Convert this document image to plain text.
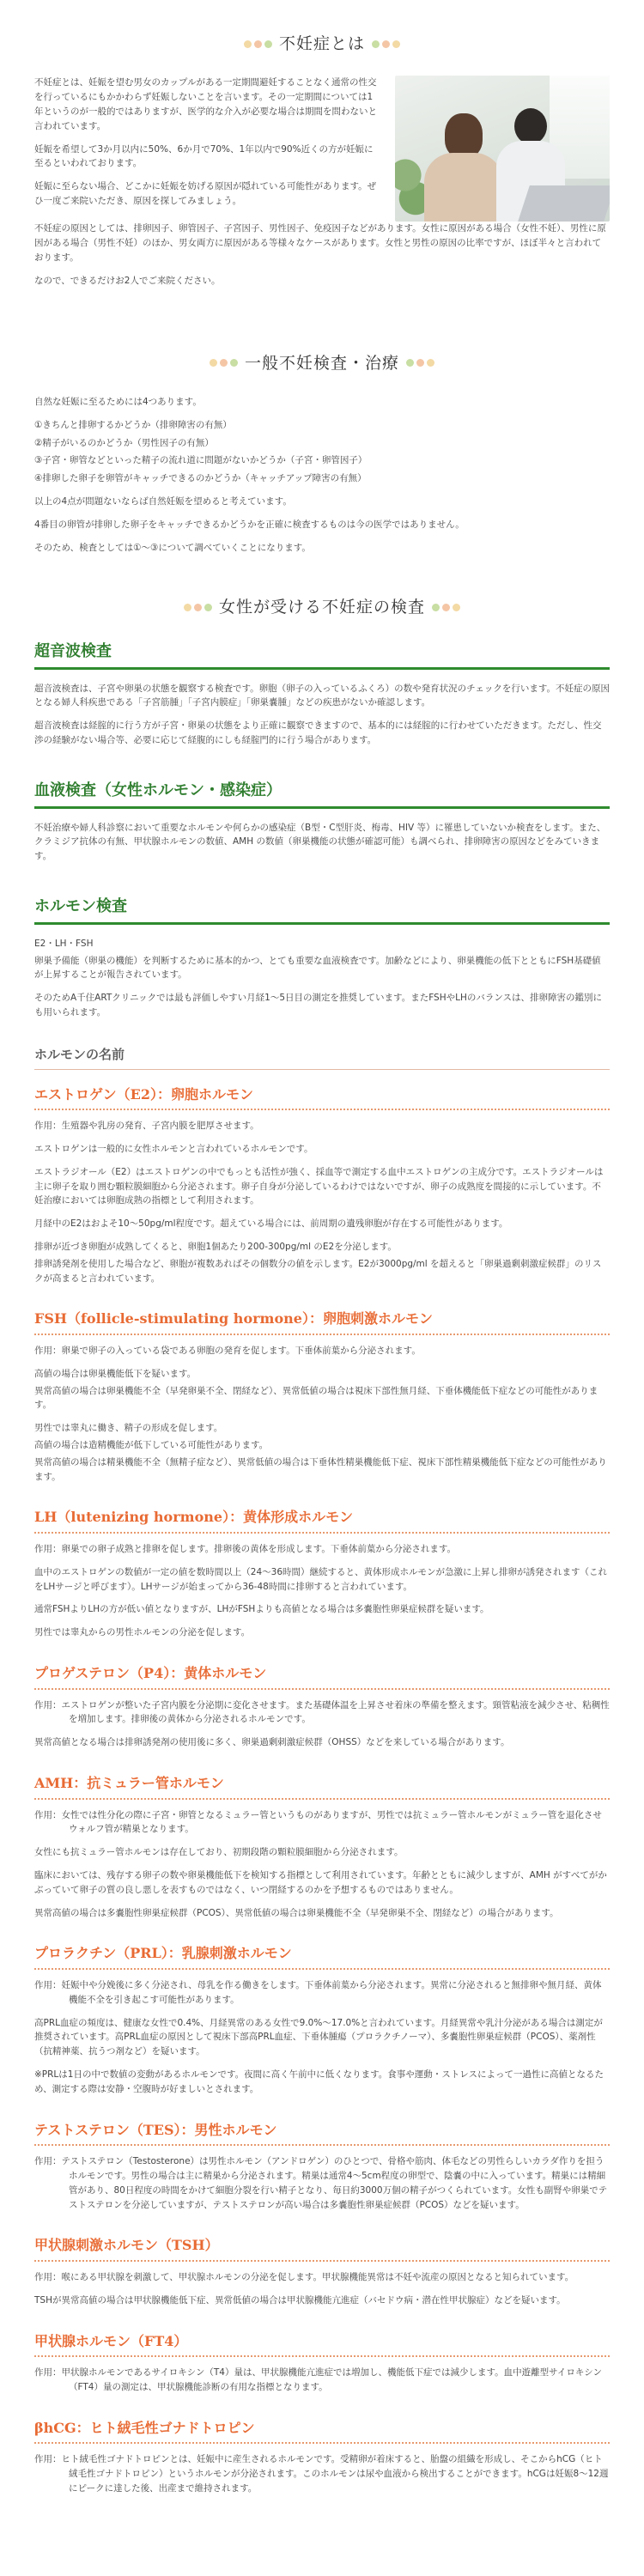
不妊症とは

不妊症とは、妊娠を望む男女のカップルがある一定期間避妊することなく通常の性交を行っているにもかかわらず妊娠しないことを言います。その一定期間については1年というのが一般的ではありますが、医学的な介入が必要な場合は期間を問わないと言われています。

妊娠を希望して3か月以内に50%、6か月で70%、1年以内で90%近くの方が妊娠に至るといわれております。

妊娠に至らない場合、どこかに妊娠を妨げる原因が隠れている可能性があります。ぜひ一度ご来院いただき、原因を探してみましょう。

不妊症の原因としては、排卵因子、卵管因子、子宮因子、男性因子、免疫因子などがあります。女性に原因がある場合（女性不妊）、男性に原因がある場合（男性不妊）のほか、男女両方に原因がある等様々なケースがあります。女性と男性の原因の比率ですが、ほぼ半々と言われております。

なので、できるだけお2人でご来院ください。

一般不妊検査・治療

自然な妊娠に至るためには4つあります。

①きちんと排卵するかどうか（排卵障害の有無）

②精子がいるのかどうか（男性因子の有無）

③子宮・卵管などといった精子の流れ道に問題がないかどうか（子宮・卵管因子）

④排卵した卵子を卵管がキャッチできるのかどうか（キャッチアップ障害の有無）

以上の4点が問題ないならば自然妊娠を望めると考えています。

4番目の卵管が排卵した卵子をキャッチできるかどうかを正確に検査するものは今の医学ではありません。

そのため、検査としては①～③について調べていくことになります。

女性が受ける不妊症の検査
超音波検査

超音波検査は、子宮や卵巣の状態を観察する検査です。卵胞（卵子の入っているふくろ）の数や発育状況のチェックを行います。不妊症の原因となる婦人科疾患である「子宮筋腫」「子宮内膜症」「卵巣嚢腫」などの疾患がないか確認します。

超音波検査は経腟的に行う方が子宮・卵巣の状態をより正確に観察できますので、基本的には経腟的に行わせていただきます。ただし、性交渉の経験がない場合等、必要に応じて経腹的にしも経腟門的に行う場合があります。

血液検査（女性ホルモン・感染症）

不妊治療や婦人科診察において重要なホルモンや何らかの感染症（B型・C型肝炎、梅毒、HIV 等）に罹患していないか検査をします。また、クラミジア抗体の有無、甲状腺ホルモンの数値、AMH の数値（卵巣機能の状態が確認可能）も調べられ、排卵障害の原因などをみていきます。

ホルモン検査

E2・LH・FSH

卵巣予備能（卵巣の機能）を判断するために基本的かつ、とても重要な血液検査です。加齢などにより、卵巣機能の低下とともにFSH基礎値が上昇することが報告されています。

そのためA千住ARTクリニックでは最も評価しやすい月経1～5日目の測定を推奨しています。またFSHやLHのバランスは、排卵障害の鑑別にも用いられます。

ホルモンの名前
エストロゲン（E2）：卵胞ホルモン

作用：生殖器や乳房の発育、子宮内膜を肥厚させます。

エストロゲンは一般的に女性ホルモンと言われているホルモンです。

エストラジオール（E2）はエストロゲンの中でもっとも活性が強く、採血等で測定する血中エストロゲンの主成分です。エストラジオールは主に卵子を取り囲む顆粒膜細胞から分泌されます。卵子自身が分泌しているわけではないですが、卵子の成熟度を間接的に示しています。不妊治療においては卵胞成熟の指標として利用されます。

月経中のE2はおよそ10～50pg/ml程度です。超えている場合には、前周期の遺残卵胞が存在する可能性があります。

排卵が近づき卵胞が成熟してくると、卵胞1個あたり200-300pg/ml のE2を分泌します。

排卵誘発剤を使用した場合など、卵胞が複数あればその個数分の値を示します。E2が3000pg/ml を超えると「卵巣過剰刺激症候群」のリスクが高まると言われています。

FSH（follicle-stimulating hormone）：卵胞刺激ホルモン

作用：卵巣で卵子の入っている袋である卵胞の発育を促します。下垂体前葉から分泌されます。

高値の場合は卵巣機能低下を疑います。

異常高値の場合は卵巣機能不全（早発卵巣不全、閉経など）、異常低値の場合は視床下部性無月経、下垂体機能低下症などの可能性があります。

男性では睾丸に働き、精子の形成を促します。

高値の場合は造精機能が低下している可能性があります。

異常高値の場合は精巣機能不全（無精子症など）、異常低値の場合は下垂体性精巣機能低下症、視床下部性精巣機能低下症などの可能性があります。

LH（lutenizing hormone）：黄体形成ホルモン

作用：卵巣での卵子成熟と排卵を促します。排卵後の黄体を形成します。下垂体前葉から分泌されます。

血中のエストロゲンの数値が一定の値を数時間以上（24～36時間）継続すると、黄体形成ホルモンが急激に上昇し排卵が誘発されます（これをLHサージと呼びます）。LHサージが始まってから36-48時間に排卵すると言われています。

通常FSHよりLHの方が低い値となりますが、LHがFSHよりも高値となる場合は多嚢胞性卵巣症候群を疑います。

男性では睾丸からの男性ホルモンの分泌を促します。

プロゲステロン（P4）：黄体ホルモン

作用：エストロゲンが整いた子宮内膜を分泌期に変化させます。また基礎体温を上昇させ着床の準備を整えます。頸管粘液を減少させ、粘稠性を増加します。排卵後の黄体から分泌されるホルモンです。

異常高値となる場合は排卵誘発剤の使用後に多く、卵巣過剰刺激症候群（OHSS）などを来している場合があります。

AMH：抗ミュラー管ホルモン

作用：女性では性分化の際に子宮・卵管となるミュラー管というものがありますが、男性では抗ミュラー管ホルモンがミュラー管を退化させウォルフ管が精巣となります。

女性にも抗ミュラー管ホルモンは存在しており、初期段階の顆粒膜細胞から分泌されます。

臨床においては、残存する卵子の数や卵巣機能低下を検知する指標として利用されています。年齢とともに減少しますが、AMH がすべてがかぶっていて卵子の質の良し悪しを表すものではなく、いつ閉経するのかを予想するものではありません。

異常高値の場合は多嚢胞性卵巣症候群（PCOS）、異常低値の場合は卵巣機能不全（早発卵巣不全、閉経など）の場合があります。

プロラクチン（PRL）：乳腺刺激ホルモン

作用：妊娠中や分娩後に多く分泌され、母乳を作る働きをします。下垂体前葉から分泌されます。異常に分泌されると無排卵や無月経、黄体機能不全を引き起こす可能性があります。

高PRL血症の頻度は、健康な女性で0.4%、月経異常のある女性で9.0%～17.0%と言われています。月経異常や乳汁分泌がある場合は測定が推奨されています。高PRL血症の原因として視床下部高PRL血症、下垂体腫瘍（プロラクチノーマ）、多嚢胞性卵巣症候群（PCOS）、薬剤性（抗精神薬、抗うつ剤など）を疑います。

※PRLは1日の中で数値の変動があるホルモンです。夜間に高く午前中に低くなります。食事や運動・ストレスによって一過性に高値となるため、測定する際は安静・空腹時が好ましいとされます。

テストステロン（TES）：男性ホルモン

作用：テストステロン（Testosterone）は男性ホルモン（アンドロゲン）のひとつで、骨格や筋肉、体毛などの男性らしいカラダ作りを担うホルモンです。男性の場合は主に精巣から分泌されます。精巣は通常4～5cm程度の卵型で、陰嚢の中に入っています。精巣には精細管があり、80日程度の時間をかけて細胞分裂を行い精子となり、毎日約3000万個の精子がつくられています。女性も副腎や卵巣でテストステロンを分泌していますが、テストステロンが高い場合は多嚢胞性卵巣症候群（PCOS）などを疑います。

甲状腺刺激ホルモン（TSH）

作用：喉にある甲状腺を刺激して、甲状腺ホルモンの分泌を促します。甲状腺機能異常は不妊や流産の原因となると知られています。

TSHが異常高値の場合は甲状腺機能低下症、異常低値の場合は甲状腺機能亢進症（バセドウ病・潜在性甲状腺症）などを疑います。

甲状腺ホルモン（FT4）

作用：甲状腺ホルモンであるサイロキシン（T4）量は、甲状腺機能亢進症では増加し、機能低下症では減少します。血中遊離型サイロキシン（FT4）量の測定は、甲状腺機能診断の有用な指標となります。

βhCG：ヒト絨毛性ゴナドトロピン

作用：ヒト絨毛性ゴナドトロピンとは、妊娠中に産生されるホルモンです。受精卵が着床すると、胎盤の組織を形成し、そこからhCG（ヒト絨毛性ゴナドトロピン）というホルモンが分泌されます。このホルモンは尿や血液から検出することができます。hCGは妊娠8～12週にピークに達した後、出産まで維持されます。
